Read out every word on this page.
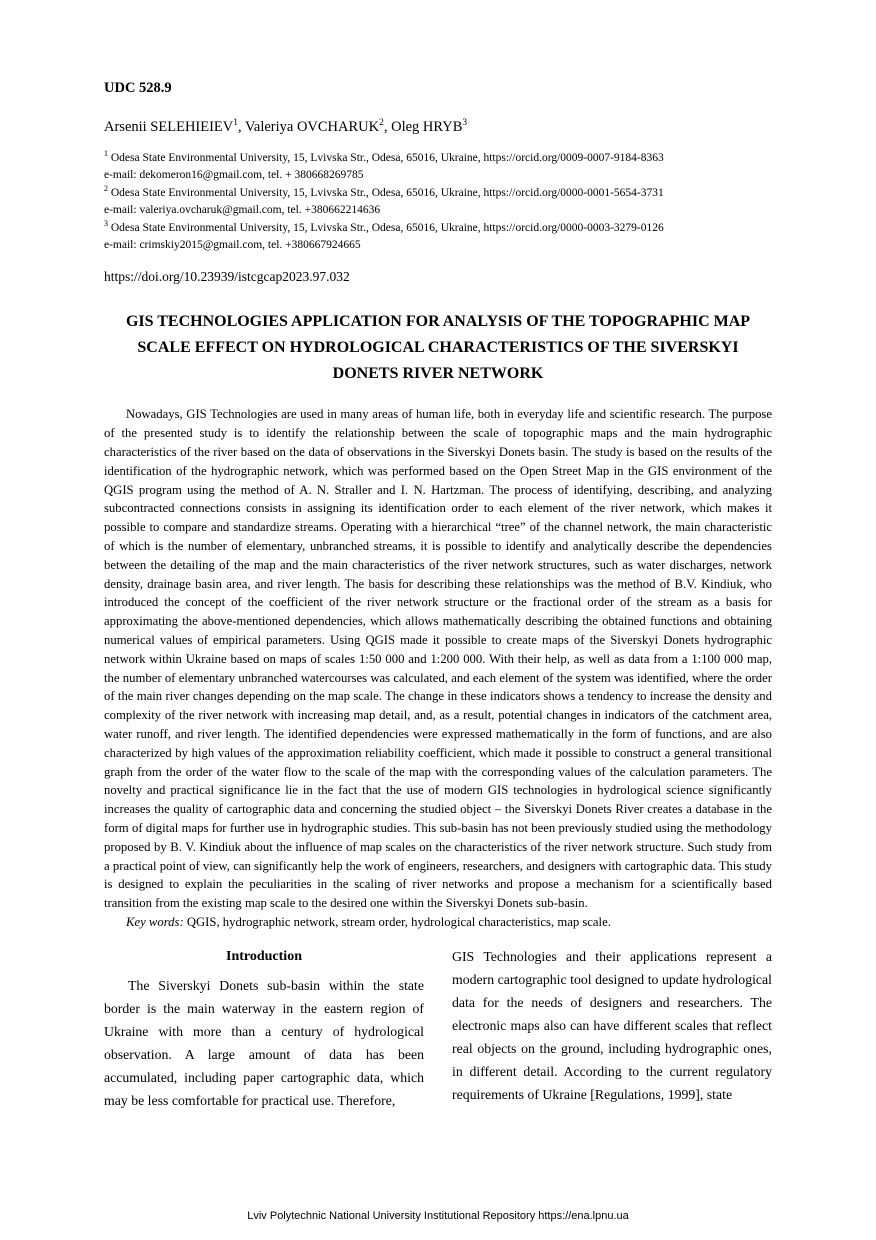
UDC 528.9

Arsenii SELEHIEIEV$^1$, Valeriya OVCHARUK$^2$, Oleg HRYB$^3$

$^1$ Odesa State Environmental University, 15, Lvivska Str., Odesa, 65016, Ukraine, https://orcid.org/0009-0007-9184-8363
e-mail: dekomeron16@gmail.com, tel. + 380668269785

$^2$ Odesa State Environmental University, 15, Lvivska Str., Odesa, 65016, Ukraine, https://orcid.org/0000-0001-5654-3731
e-mail: valeriya.ovcharuk@gmail.com, tel. +380662214636

$^3$ Odesa State Environmental University, 15, Lvivska Str., Odesa, 65016, Ukraine, https://orcid.org/0000-0003-3279-0126
e-mail: crimskiy2015@gmail.com, tel. +380667924665

https://doi.org/10.23939/istcgcap2023.97.032

GIS TECHNOLOGIES APPLICATION FOR ANALYSIS OF THE TOPOGRAPHIC MAP SCALE EFFECT ON HYDROLOGICAL CHARACTERISTICS OF THE SIVERSKYI DONETS RIVER NETWORK

Nowadays, GIS Technologies are used in many areas of human life, both in everyday life and scientific research. The purpose of the presented study is to identify the relationship between the scale of topographic maps and the main hydrographic characteristics of the river based on the data of observations in the Siverskyi Donets basin. The study is based on the results of the identification of the hydrographic network, which was performed based on the Open Street Map in the GIS environment of the QGIS program using the method of A. N. Straller and I. N. Hartzman. The process of identifying, describing, and analyzing subcontracted connections consists in assigning its identification order to each element of the river network, which makes it possible to compare and standardize streams. Operating with a hierarchical “tree” of the channel network, the main characteristic of which is the number of elementary, unbranched streams, it is possible to identify and analytically describe the dependencies between the detailing of the map and the main characteristics of the river network structures, such as water discharges, network density, drainage basin area, and river length. The basis for describing these relationships was the method of B.V. Kindiuk, who introduced the concept of the coefficient of the river network structure or the fractional order of the stream as a basis for approximating the above-mentioned dependencies, which allows mathematically describing the obtained functions and obtaining numerical values of empirical parameters. Using QGIS made it possible to create maps of the Siverskyi Donets hydrographic network within Ukraine based on maps of scales 1:50 000 and 1:200 000. With their help, as well as data from a 1:100 000 map, the number of elementary unbranched watercourses was calculated, and each element of the system was identified, where the order of the main river changes depending on the map scale. The change in these indicators shows a tendency to increase the density and complexity of the river network with increasing map detail, and, as a result, potential changes in indicators of the catchment area, water runoff, and river length. The identified dependencies were expressed mathematically in the form of functions, and are also characterized by high values of the approximation reliability coefficient, which made it possible to construct a general transitional graph from the order of the water flow to the scale of the map with the corresponding values of the calculation parameters. The novelty and practical significance lie in the fact that the use of modern GIS technologies in hydrological science significantly increases the quality of cartographic data and concerning the studied object – the Siverskyi Donets River creates a database in the form of digital maps for further use in hydrographic studies. This sub-basin has not been previously studied using the methodology proposed by B. V. Kindiuk about the influence of map scales on the characteristics of the river network structure. Such study from a practical point of view, can significantly help the work of engineers, researchers, and designers with cartographic data. This study is designed to explain the peculiarities in the scaling of river networks and propose a mechanism for a scientifically based transition from the existing map scale to the desired one within the Siverskyi Donets sub-basin.

Key words: QGIS, hydrographic network, stream order, hydrological characteristics, map scale.

Introduction

The Siverskyi Donets sub-basin within the state border is the main waterway in the eastern region of Ukraine with more than a century of hydrological observation. A large amount of data has been accumulated, including paper cartographic data, which may be less comfortable for practical use. Therefore,

GIS Technologies and their applications represent a modern cartographic tool designed to update hydrological data for the needs of designers and researchers. The electronic maps also can have different scales that reflect real objects on the ground, including hydrographic ones, in different detail. According to the current regulatory requirements of Ukraine [Regulations, 1999], state

Lviv Polytechnic National University Institutional Repository https://ena.lpnu.ua
